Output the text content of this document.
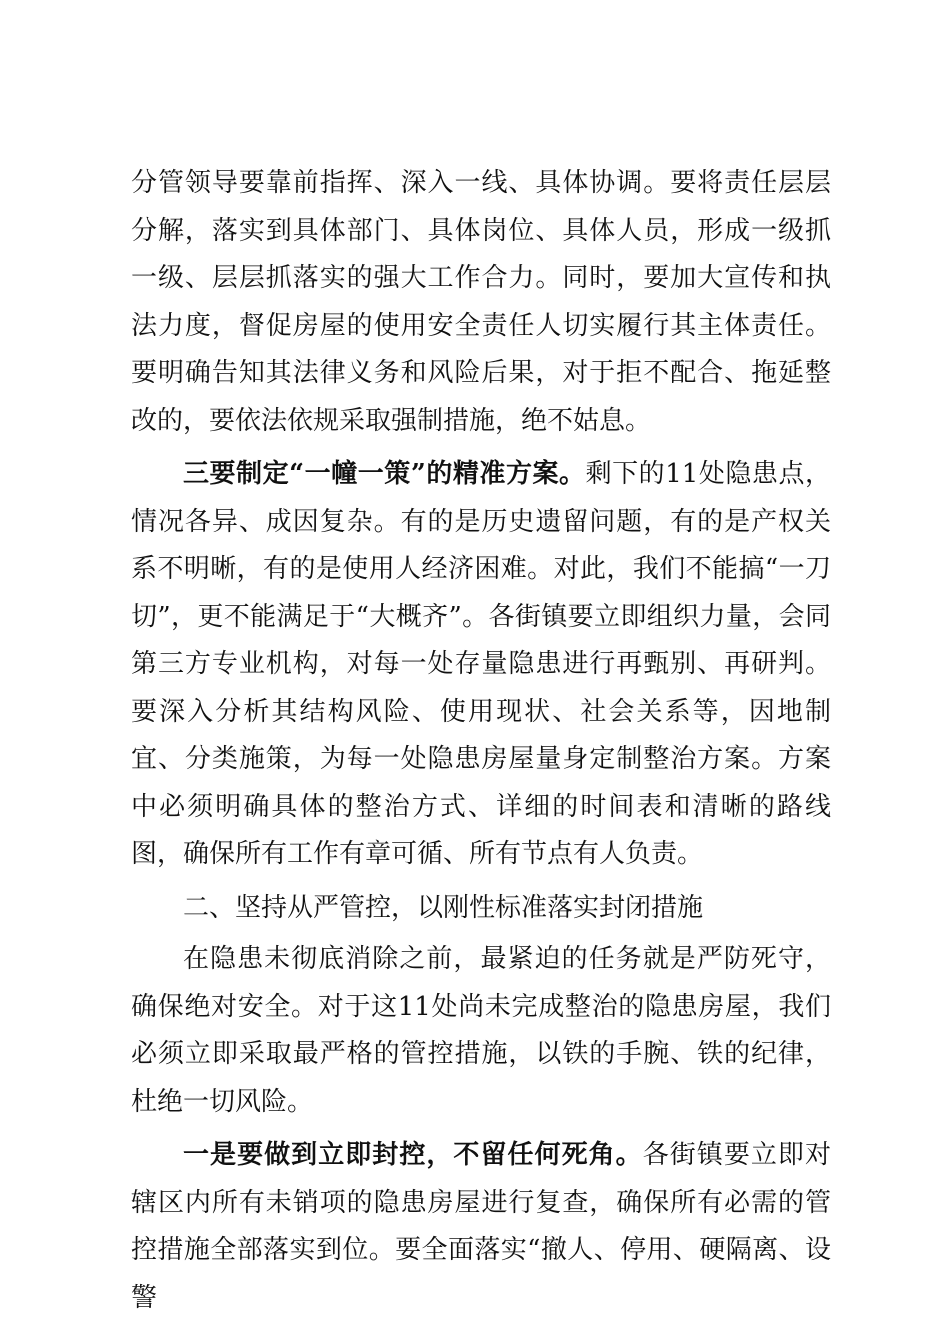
分管领导要靠前指挥、深入一线、具体协调。要将责任层层分解，落实到具体部门、具体岗位、具体人员，形成一级抓一级、层层抓落实的强大工作合力。同时，要加大宣传和执法力度，督促房屋的使用安全责任人切实履行其主体责任。要明确告知其法律义务和风险后果，对于拒不配合、拖延整改的，要依法依规采取强制措施，绝不姑息。

三要制定“一幢一策”的精准方案。剩下的11处隐患点，情况各异、成因复杂。有的是历史遗留问题，有的是产权关系不明晰，有的是使用人经济困难。对此，我们不能搞“一刀切”，更不能满足于“大概齐”。各街镇要立即组织力量，会同第三方专业机构，对每一处存量隐患进行再甄别、再研判。要深入分析其结构风险、使用现状、社会关系等，因地制宜、分类施策，为每一处隐患房屋量身定制整治方案。方案中必须明确具体的整治方式、详细的时间表和清晰的路线图，确保所有工作有章可循、所有节点有人负责。

二、坚持从严管控，以刚性标准落实封闭措施

在隐患未彻底消除之前，最紧迫的任务就是严防死守，确保绝对安全。对于这11处尚未完成整治的隐患房屋，我们必须立即采取最严格的管控措施，以铁的手腕、铁的纪律，杜绝一切风险。

一是要做到立即封控，不留任何死角。各街镇要立即对辖区内所有未销项的隐患房屋进行复查，确保所有必需的管控措施全部落实到位。要全面落实“撤人、停用、硬隔离、设警
